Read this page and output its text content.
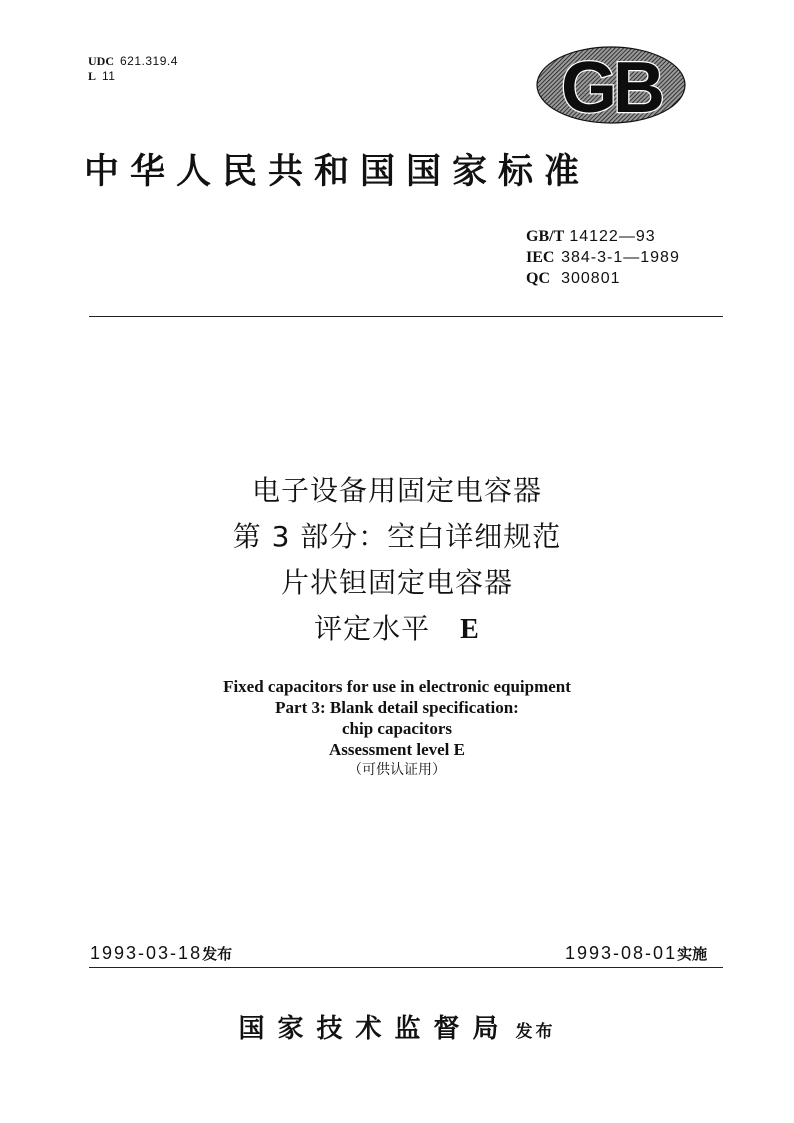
UDC 621.319.4
L 11	GB
中华人民共和国国家标准
GB/T 14122—93
IEC 384-3-1—1989
QC 300801
电子设备用固定电容器
第 3 部分：空白详细规范
片状钽固定电容器
评定水平 E
Fixed capacitors for use in electronic equipment
Part 3: Blank detail specification:
chip capacitors
Assessment level E
（可供认证用）
1993-03-18发布	1993-08-01实施
国家技术监督局 发布
